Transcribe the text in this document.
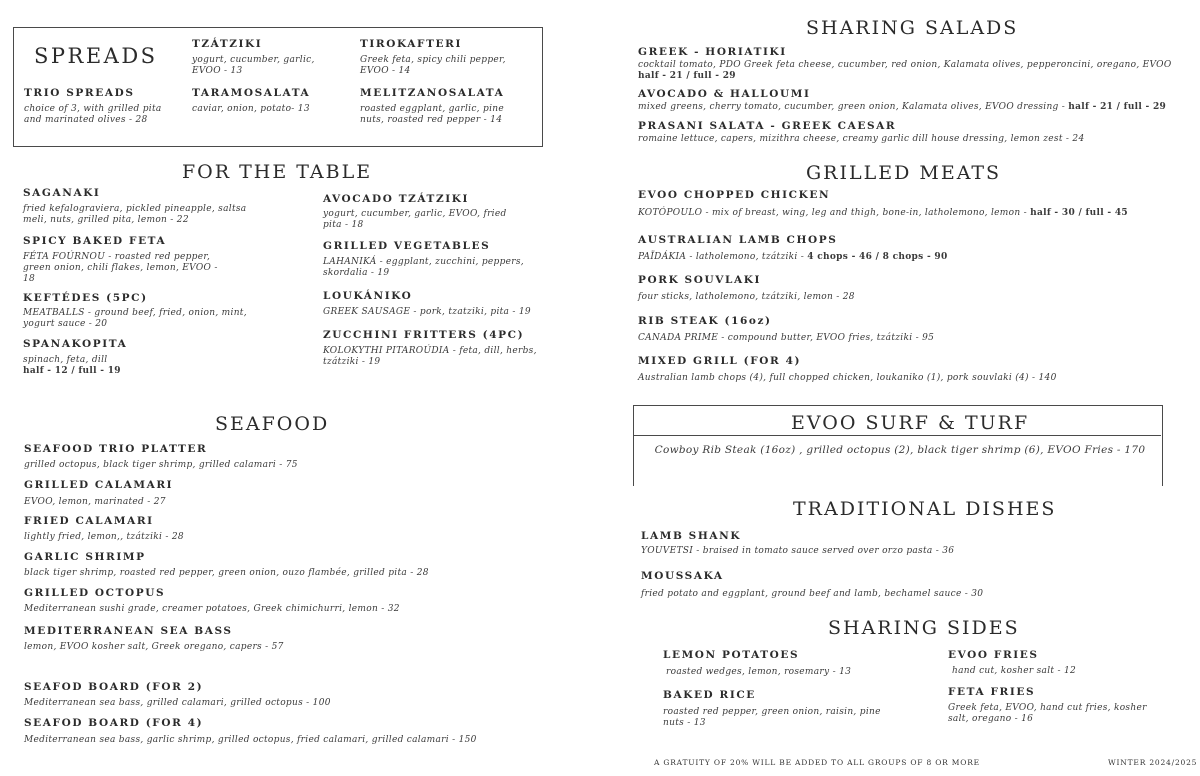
SPREADS	TZÁTZIKI
yogurt, cucumber, garlic, EVOO - 13
TIROKAFTERI
Greek feta, spicy chili pepper, EVOO - 14
TRIO SPREADS
choice of 3, with grilled pita and marinated olives - 28
TARAMOSALATA
caviar, onion, potato- 13
MELITZANOSALATA
roasted eggplant, garlic, pine nuts, roasted red pepper - 14
FOR THE TABLE
SAGANAKI
fried kefalograviera, pickled pineapple, saltsa meli, nuts, grilled pita, lemon - 22
SPICY BAKED FETA
FÉTA FOÚRNOU - roasted red pepper, green onion, chili flakes, lemon, EVOO - 18
KEFTÉDES (5PC)
MEATBALLS - ground beef, fried, onion, mint, yogurt sauce - 20
SPANAKOPITA
spinach, feta, dill
half - 12 / full - 19
AVOCADO TZÁTZIKI
yogurt, cucumber, garlic, EVOO, fried pita - 18
GRILLED VEGETABLES
LAHANIKÁ - eggplant, zucchini, peppers, skordalia - 19
LOUKÁNIKO
GREEK SAUSAGE - pork, tzatziki, pita - 19
ZUCCHINI FRITTERS (4PC)
KOLOKYTHI PITAROÚDIA - feta, dill, herbs, tzátziki - 19
SEAFOOD
SEAFOOD TRIO PLATTER
grilled octopus, black tiger shrimp, grilled calamari - 75
GRILLED CALAMARI
EVOO, lemon, marinated - 27
FRIED CALAMARI
lightly fried, lemon,, tzátziki - 28
GARLIC SHRIMP
black tiger shrimp, roasted red pepper, green onion, ouzo flambée, grilled pita - 28
GRILLED OCTOPUS
Mediterranean sushi grade, creamer potatoes, Greek chimichurri, lemon - 32
MEDITERRANEAN SEA BASS
lemon, EVOO kosher salt, Greek oregano, capers - 57
SEAFOD BOARD (FOR 2)
Mediterranean sea bass, grilled calamari, grilled octopus - 100
SEAFOD BOARD (FOR 4)
Mediterranean sea bass, garlic shrimp, grilled octopus, fried calamari, grilled calamari - 150
SHARING SALADS
GREEK - HORIATIKI
cocktail tomato, PDO Greek feta cheese, cucumber, red onion, Kalamata olives, pepperoncini, oregano, EVOO
half - 21 / full - 29
AVOCADO & HALLOUMI
mixed greens, cherry tomato, cucumber, green onion, Kalamata olives, EVOO dressing - half - 21 / full - 29
PRASANI SALATA - GREEK CAESAR
romaine lettuce, capers, mizithra cheese, creamy garlic dill house dressing, lemon zest - 24
GRILLED MEATS
EVOO CHOPPED CHICKEN
KOTÓPOULO - mix of breast, wing, leg and thigh, bone-in, latholemono, lemon - half - 30 / full - 45
AUSTRALIAN LAMB CHOPS
PAÏDÁKIA - latholemono, tzátziki - 4 chops - 46 / 8 chops - 90
PORK SOUVLAKI
four sticks, latholemono, tzátziki, lemon - 28
RIB STEAK (16oz)
CANADA PRIME - compound butter, EVOO fries, tzátziki - 95
MIXED GRILL (FOR 4)
Australian lamb chops (4), full chopped chicken, loukaniko (1), pork souvlaki (4) - 140
EVOO SURF & TURF
Cowboy Rib Steak (16oz) , grilled octopus (2), black tiger shrimp (6), EVOO Fries - 170
TRADITIONAL DISHES
LAMB SHANK
YOUVETSI - braised in tomato sauce served over orzo pasta - 36
MOUSSAKA
fried potato and eggplant, ground beef and lamb, bechamel sauce - 30
SHARING SIDES
LEMON POTATOES
roasted wedges, lemon, rosemary - 13
EVOO FRIES
hand cut, kosher salt - 12
BAKED RICE
roasted red pepper, green onion, raisin, pine nuts - 13
FETA FRIES
Greek feta, EVOO, hand cut fries, kosher salt, oregano - 16
A GRATUITY OF 20% WILL BE ADDED TO ALL GROUPS OF 8 OR MORE	WINTER 2024/2025
